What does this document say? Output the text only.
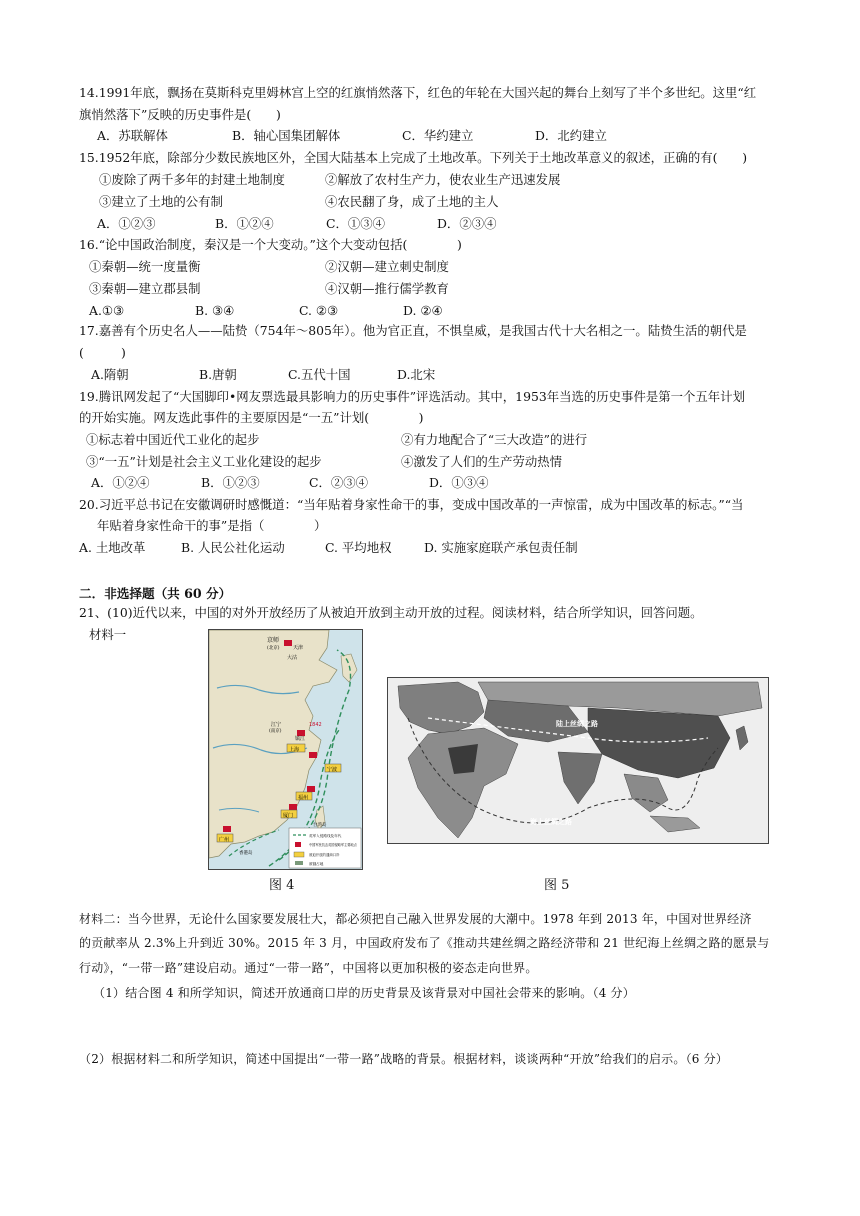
14.1991年底，飘扬在莫斯科克里姆林宫上空的红旗悄然落下，红色的年轮在大国兴起的舞台上刻写了半个多世纪。这里“红
旗悄然落下”反映的历史事件是(　　)
A．苏联解体	B．轴心国集团解体	C．华约建立	D．北约建立
15.1952年底，除部分少数民族地区外，全国大陆基本上完成了土地改革。下列关于土地改革意义的叙述，正确的有(　　)
①废除了两千多年的封建土地制度	②解放了农村生产力，使农业生产迅速发展
③建立了土地的公有制	④农民翻了身，成了土地的主人
A．①②③	B．①②④	C．①③④	D．②③④
16.“论中国政治制度，秦汉是一个大变动。”这个大变动包括(　　　　)
①秦朝—统一度量衡	②汉朝—建立刺史制度
③秦朝—建立郡县制	④汉朝—推行儒学教育
A.①③	B. ③④	C. ②③	D. ②④
17.嘉善有个历史名人——陆贽（754年～805年）。他为官正直，不惧皇威，是我国古代十大名相之一。陆贽生活的朝代是
(　　　)
A.隋朝	B.唐朝	C.五代十国	D.北宋
19.腾讯网发起了“大国脚印•网友票选最具影响力的历史事件”评选活动。其中，1953年当选的历史事件是第一个五年计划
的开始实施。网友选此事件的主要原因是“一五”计划(　　　　)
①标志着中国近代工业化的起步	②有力地配合了“三大改造”的进行
③“一五”计划是社会主义工业化建设的起步	④激发了人们的生产劳动热情
A．①②④	B．①②③	C．②③④	D．①③④
20.习近平总书记在安徽调研时感慨道：“当年贴着身家性命干的事，变成中国改革的一声惊雷，成为中国改革的标志。”“当
年贴着身家性命干的事”是指（　　　　）
A. 土地改革	B. 人民公社化运动	C. 平均地权	D. 实施家庭联产承包责任制
二．非选择题（共 60 分）
21、(10)近代以来，中国的对外开放经历了从被迫开放到主动开放的过程。阅读材料，结合所学知识，回答问题。
材料一	京师
(北京)	天津
大沽
江宁
(南京)
1842
镇江
上海
宁波
福州
厦门
广州
台湾岛
香港岛
英军入侵路线及年代
中国军民抗击英国侵略军主要地点
被迫开放的通商口岸
被割占地
图 4
陆上丝绸之路
海上丝绸之路
图 5
材料二：当今世界，无论什么国家要发展壮大，都必须把自己融入世界发展的大潮中。1978 年到 2013 年，中国对世界经济
的贡献率从 2.3%上升到近 30%。2015 年 3 月，中国政府发布了《推动共建丝绸之路经济带和 21 世纪海上丝绸之路的愿景与
行动》，“一带一路”建设启动。通过“一带一路”，中国将以更加积极的姿态走向世界。
（1）结合图 4 和所学知识，简述开放通商口岸的历史背景及该背景对中国社会带来的影响。（4 分）
（2）根据材料二和所学知识，简述中国提出“一带一路”战略的背景。根据材料，谈谈两种“开放”给我们的启示。（6 分）
